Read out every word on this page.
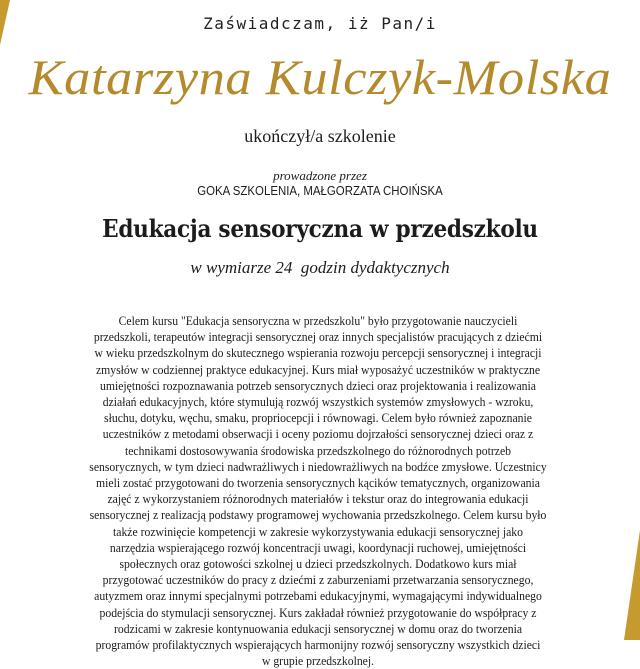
Zaświadczam, iż Pan/i
Katarzyna Kulczyk-Molska
ukończył/a szkolenie
prowadzone przez
GOKA SZKOLENIA, MAŁGORZATA CHOIŃSKA
Edukacja sensoryczna w przedszkolu
w wymiarze 24  godzin dydaktycznych
Celem kursu "Edukacja sensoryczna w przedszkolu" było przygotowanie nauczycieli
przedszkoli, terapeutów integracji sensorycznej oraz innych specjalistów pracujących z dziećmi
w wieku przedszkolnym do skutecznego wspierania rozwoju percepcji sensorycznej i integracji
zmysłów w codziennej praktyce edukacyjnej. Kurs miał wyposażyć uczestników w praktyczne
umiejętności rozpoznawania potrzeb sensorycznych dzieci oraz projektowania i realizowania
działań edukacyjnych, które stymulują rozwój wszystkich systemów zmysłowych - wzroku,
słuchu, dotyku, węchu, smaku, propriocepcji i równowagi. Celem było również zapoznanie
uczestników z metodami obserwacji i oceny poziomu dojrzałości sensorycznej dzieci oraz z
technikami dostosowywania środowiska przedszkolnego do różnorodnych potrzeb
sensorycznych, w tym dzieci nadwrażliwych i niedowrażliwych na bodźce zmysłowe. Uczestnicy
mieli zostać przygotowani do tworzenia sensorycznych kącików tematycznych, organizowania
zajęć z wykorzystaniem różnorodnych materiałów i tekstur oraz do integrowania edukacji
sensorycznej z realizacją podstawy programowej wychowania przedszkolnego. Celem kursu było
także rozwinięcie kompetencji w zakresie wykorzystywania edukacji sensorycznej jako
narzędzia wspierającego rozwój koncentracji uwagi, koordynacji ruchowej, umiejętności
społecznych oraz gotowości szkolnej u dzieci przedszkolnych. Dodatkowo kurs miał
przygotować uczestników do pracy z dziećmi z zaburzeniami przetwarzania sensorycznego,
autyzmem oraz innymi specjalnymi potrzebami edukacyjnymi, wymagającymi indywidualnego
podejścia do stymulacji sensorycznej. Kurs zakładał również przygotowanie do współpracy z
rodzicami w zakresie kontynuowania edukacji sensorycznej w domu oraz do tworzenia
programów profilaktycznych wspierających harmonijny rozwój sensoryczny wszystkich dzieci
w grupie przedszkolnej.
